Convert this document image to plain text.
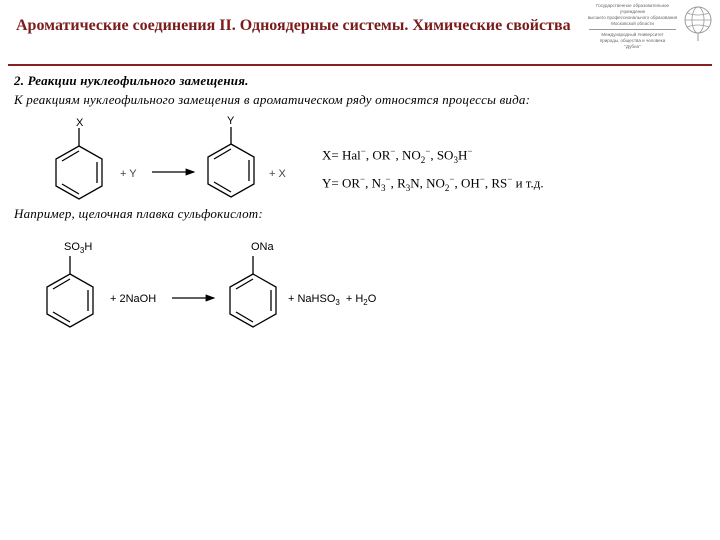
Ароматические соединения II. Одноядерные системы. Химические свойства
Государственное образовательное учреждение
высшего профессионального образования
Московской области
Международный Университет
природы, общества и человека
"Дубна"
2. Реакции нуклеофильного замещения.
К реакциям нуклеофильного замещения в ароматическом ряду относятся процессы вида:
X
+ Y
Y
+ X
$SO_3H$
+ 2NaOH
ONa
+ NaHSO$_3$ + $H_2O$
X= Hal−, OR−, $NO_2^-$, $SO_3H^-$
Y= OR−, $N_3^-$, $R_3N$, $NO_2^-$, OH−, RS− и т.д.
Например, щелочная плавка сульфокислот:
